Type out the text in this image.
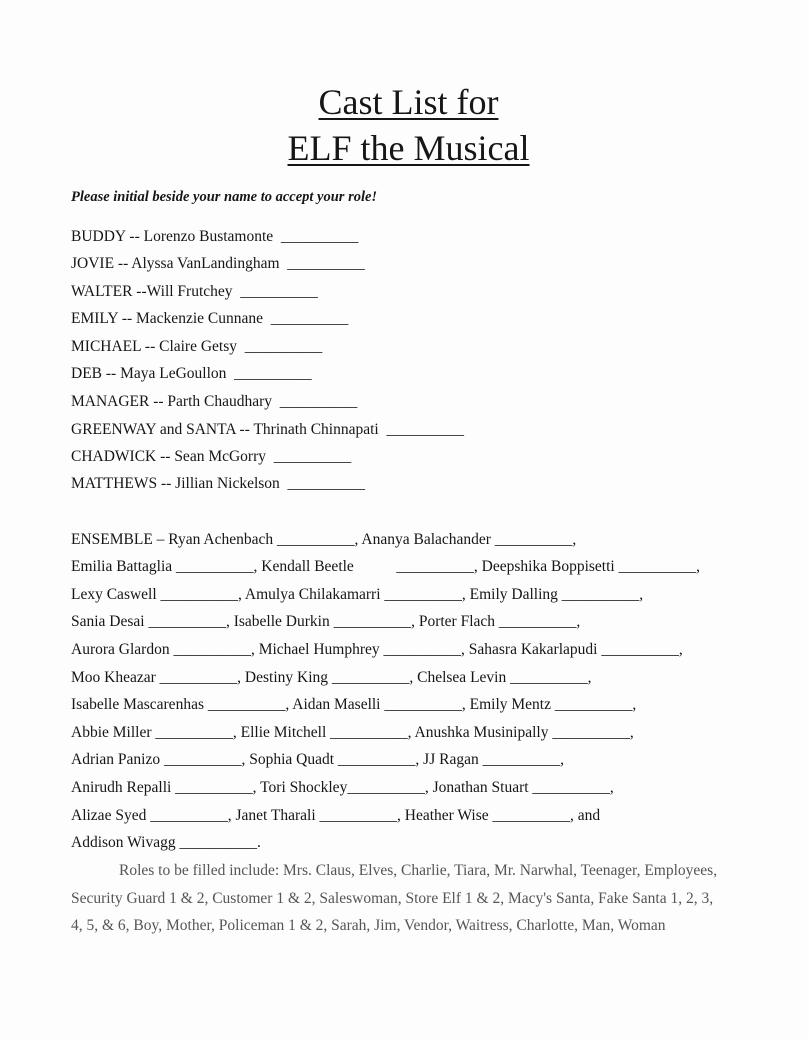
Cast List for
ELF the Musical
Please initial beside your name to accept your role!
BUDDY -- Lorenzo Bustamonte  __________
JOVIE -- Alyssa VanLandingham  __________
WALTER --Will Frutchey  __________
EMILY -- Mackenzie Cunnane  __________
MICHAEL -- Claire Getsy  __________
DEB -- Maya LeGoullon  __________
MANAGER -- Parth Chaudhary  __________
GREENWAY and SANTA -- Thrinath Chinnapati  __________
CHADWICK -- Sean McGorry  __________
MATTHEWS -- Jillian Nickelson  __________
ENSEMBLE – Ryan Achenbach __________, Ananya Balachander __________,
Emilia Battaglia __________, Kendall Beetle           __________, Deepshika Boppisetti __________,
Lexy Caswell __________, Amulya Chilakamarri __________, Emily Dalling __________,
Sania Desai __________, Isabelle Durkin __________, Porter Flach __________,
Aurora Glardon __________, Michael Humphrey __________, Sahasra Kakarlapudi __________,
Moo Kheazar __________, Destiny King __________, Chelsea Levin __________,
Isabelle Mascarenhas __________, Aidan Maselli __________, Emily Mentz __________,
Abbie Miller __________, Ellie Mitchell __________, Anushka Musinipally __________,
Adrian Panizo __________, Sophia Quadt __________, JJ Ragan __________,
Anirudh Repalli __________, Tori Shockley__________, Jonathan Stuart __________,
Alizae Syed __________, Janet Tharali __________, Heather Wise __________, and
Addison Wivagg __________.
Roles to be filled include: Mrs. Claus, Elves, Charlie, Tiara, Mr. Narwhal, Teenager, Employees,
Security Guard 1 & 2, Customer 1 & 2, Saleswoman, Store Elf 1 & 2, Macy's Santa, Fake Santa 1, 2, 3,
4, 5, & 6, Boy, Mother, Policeman 1 & 2, Sarah, Jim, Vendor, Waitress, Charlotte, Man, Woman
